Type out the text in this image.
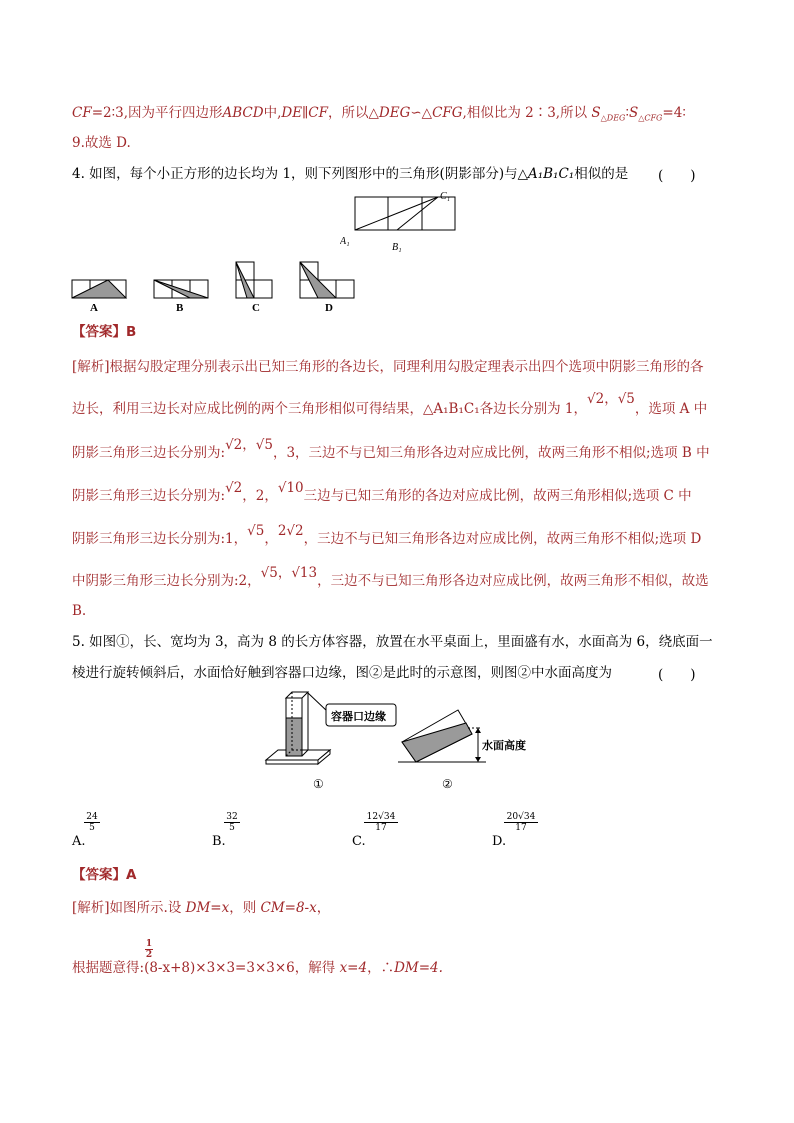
CF=2∶3,因为平行四边形ABCD中,DE∥CF，所以△DEG∽△CFG,相似比为 2∶3,所以 $S_{\triangle DEG}∶S_{\triangle CFG}=4∶$
9.故选 D.
4. 如图，每个小正方形的边长均为 1，则下列图形中的三角形(阴影部分)与△A₁B₁C₁相似的是 (　　)
A₁
B₁
C₁
A	B	C	D
【答案】B
[解析]根据勾股定理分别表示出已知三角形的各边长，同理利用勾股定理表示出四个选项中阴影三角形的各
边长，利用三边长对应成比例的两个三角形相似可得结果，△A₁B₁C₁各边长分别为 1，√2，√5，选项 A 中
阴影三角形三边长分别为:√2，√5，3，三边不与已知三角形各边对应成比例，故两三角形不相似;选项 B 中
阴影三角形三边长分别为:√2，2，√10三边与已知三角形的各边对应成比例，故两三角形相似;选项 C 中
阴影三角形三边长分别为:1，√5，2√2，三边不与已知三角形各边对应成比例，故两三角形不相似;选项 D
中阴影三角形三边长分别为:2，√5，√13，三边不与已知三角形各边对应成比例，故两三角形不相似，故选
B.
5. 如图①，长、宽均为 3，高为 8 的长方体容器，放置在水平桌面上，里面盛有水，水面高为 6，绕底面一
棱进行旋转倾斜后，水面恰好触到容器口边缘，图②是此时的示意图，则图②中水面高度为	(　　)
容器口边缘
①
水面高度
②
A.
$\frac{24}{5}$
B.
$\frac{32}{5}$
C.
$\frac{12√34}{17}$
D.
$\frac{20√34}{17}$
【答案】A
[解析]如图所示.设 DM=x，则 CM=8-x，
$\frac{1}{2}$
根据题意得:(8-x+8)×3×3=3×3×6，解得 x=4，∴DM=4.
